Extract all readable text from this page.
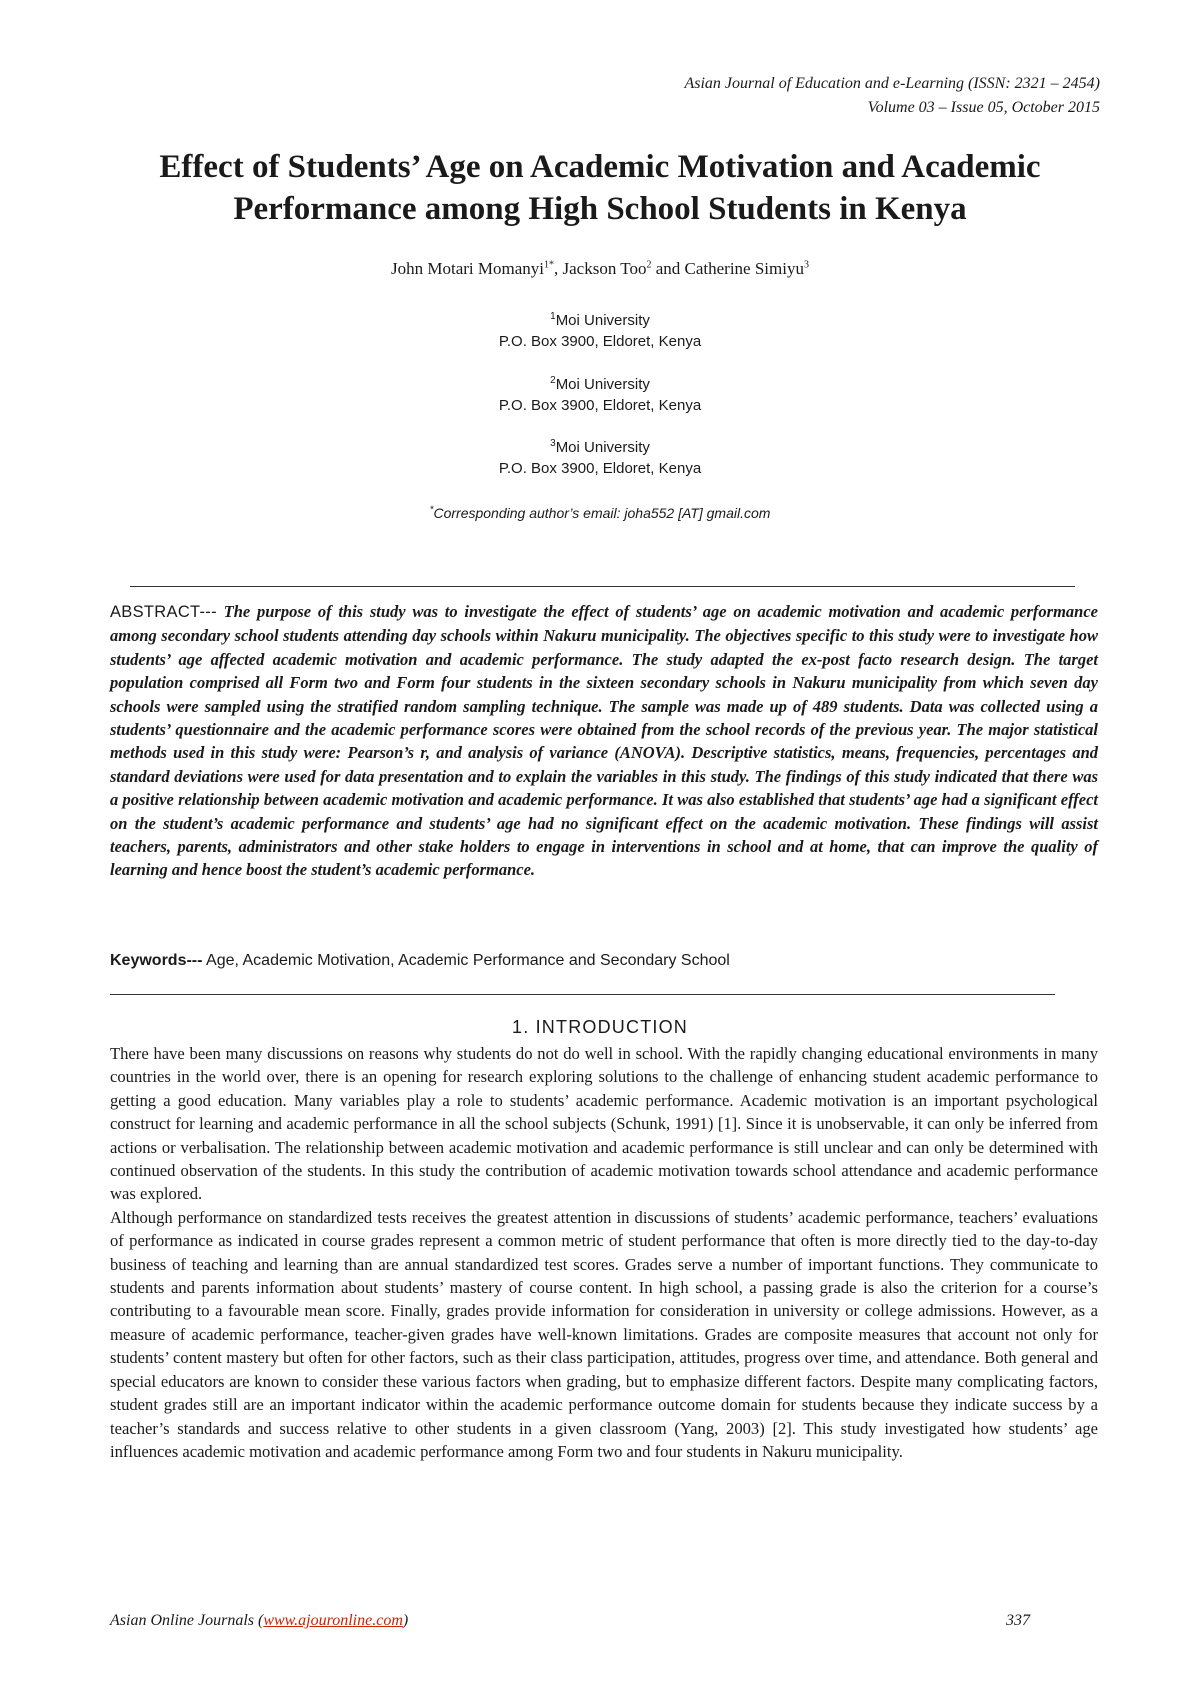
Asian Journal of Education and e-Learning (ISSN: 2321 – 2454)
Volume 03 – Issue 05, October 2015
Effect of Students’ Age on Academic Motivation and Academic
Performance among High School Students in Kenya
John Motari Momanyi$^{1*}$, Jackson Too$^2$ and Catherine Simiyu$^3$
$^1$Moi University
P.O. Box 3900, Eldoret, Kenya
$^2$Moi University
P.O. Box 3900, Eldoret, Kenya
$^3$Moi University
P.O. Box 3900, Eldoret, Kenya
*Corresponding author’s email: joha552 [AT] gmail.com
ABSTRACT--- The purpose of this study was to investigate the effect of students’ age on academic motivation and academic performance among secondary school students attending day schools within Nakuru municipality. The objectives specific to this study were to investigate how students’ age affected academic motivation and academic performance. The study adapted the ex-post facto research design. The target population comprised all Form two and Form four students in the sixteen secondary schools in Nakuru municipality from which seven day schools were sampled using the stratified random sampling technique. The sample was made up of 489 students. Data was collected using a students’ questionnaire and the academic performance scores were obtained from the school records of the previous year. The major statistical methods used in this study were: Pearson’s r, and analysis of variance (ANOVA). Descriptive statistics, means, frequencies, percentages and standard deviations were used for data presentation and to explain the variables in this study. The findings of this study indicated that there was a positive relationship between academic motivation and academic performance. It was also established that students’ age had a significant effect on the student’s academic performance and students’ age had no significant effect on the academic motivation. These findings will assist teachers, parents, administrators and other stake holders to engage in interventions in school and at home, that can improve the quality of learning and hence boost the student’s academic performance.
Keywords--- Age, Academic Motivation, Academic Performance and Secondary School
1. INTRODUCTION

There have been many discussions on reasons why students do not do well in school. With the rapidly changing educational environments in many countries in the world over, there is an opening for research exploring solutions to the challenge of enhancing student academic performance to getting a good education. Many variables play a role to students’ academic performance. Academic motivation is an important psychological construct for learning and academic performance in all the school subjects (Schunk, 1991) [1]. Since it is unobservable, it can only be inferred from actions or verbalisation. The relationship between academic motivation and academic performance is still unclear and can only be determined with continued observation of the students. In this study the contribution of academic motivation towards school attendance and academic performance was explored.

Although performance on standardized tests receives the greatest attention in discussions of students’ academic performance, teachers’ evaluations of performance as indicated in course grades represent a common metric of student performance that often is more directly tied to the day-to-day business of teaching and learning than are annual standardized test scores. Grades serve a number of important functions. They communicate to students and parents information about students’ mastery of course content. In high school, a passing grade is also the criterion for a course’s contributing to a favourable mean score. Finally, grades provide information for consideration in university or college admissions. However, as a measure of academic performance, teacher-given grades have well-known limitations. Grades are composite measures that account not only for students’ content mastery but often for other factors, such as their class participation, attitudes, progress over time, and attendance. Both general and special educators are known to consider these various factors when grading, but to emphasize different factors. Despite many complicating factors, student grades still are an important indicator within the academic performance outcome domain for students because they indicate success by a teacher’s standards and success relative to other students in a given classroom (Yang, 2003) [2]. This study investigated how students’ age influences academic motivation and academic performance among Form two and four students in Nakuru municipality.

Asian Online Journals (www.ajouronline.com)	337
